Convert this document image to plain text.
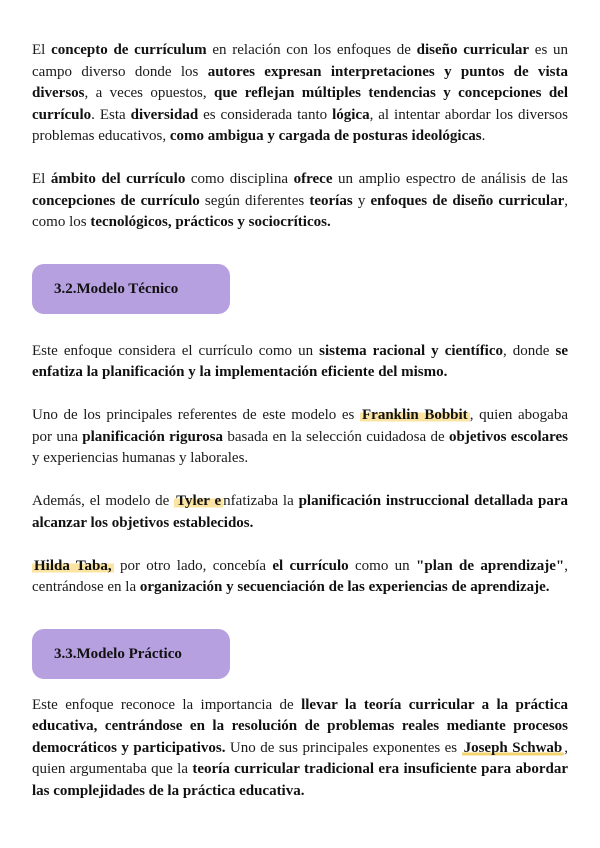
El concepto de currículum en relación con los enfoques de diseño curricular es un campo diverso donde los autores expresan interpretaciones y puntos de vista diversos, a veces opuestos, que reflejan múltiples tendencias y concepciones del currículo. Esta diversidad es considerada tanto lógica, al intentar abordar los diversos problemas educativos, como ambigua y cargada de posturas ideológicas.

El ámbito del currículo como disciplina ofrece un amplio espectro de análisis de las concepciones de currículo según diferentes teorías y enfoques de diseño curricular, como los tecnológicos, prácticos y sociocríticos.

3.2.Modelo Técnico

Este enfoque considera el currículo como un sistema racional y científico, donde se enfatiza la planificación y la implementación eficiente del mismo.

Uno de los principales referentes de este modelo es Franklin Bobbit , quien abogaba por una planificación rigurosa basada en la selección cuidadosa de objetivos escolares y experiencias humanas y laborales.

Además, el modelo de Tyler e nfatizaba la planificación instruccional detallada para alcanzar los objetivos establecidos.

Hilda Taba, por otro lado, concebía el currículo como un "plan de aprendizaje", centrándose en la organización y secuenciación de las experiencias de aprendizaje.

3.3.Modelo Práctico

Este enfoque reconoce la importancia de llevar la teoría curricular a la práctica educativa, centrándose en la resolución de problemas reales mediante procesos democráticos y participativos. Uno de sus principales exponentes es Joseph Schwab , quien argumentaba que la teoría curricular tradicional era insuficiente para abordar las complejidades de la práctica educativa.
